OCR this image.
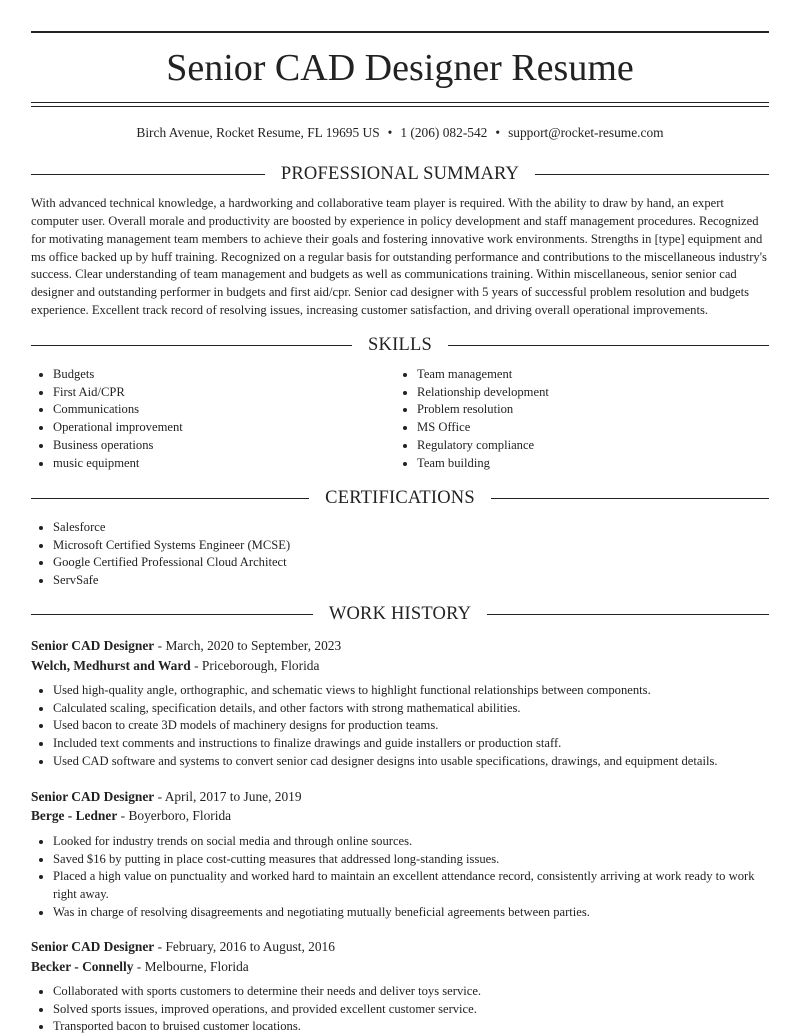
Senior CAD Designer Resume
Birch Avenue, Rocket Resume, FL 19695 US • 1 (206) 082-542 • support@rocket-resume.com
PROFESSIONAL SUMMARY

With advanced technical knowledge, a hardworking and collaborative team player is required. With the ability to draw by hand, an expert computer user. Overall morale and productivity are boosted by experience in policy development and staff management procedures. Recognized for motivating management team members to achieve their goals and fostering innovative work environments. Strengths in [type] equipment and ms office backed up by huff training. Recognized on a regular basis for outstanding performance and contributions to the miscellaneous industry's success. Clear understanding of team management and budgets as well as communications training. Within miscellaneous, senior senior cad designer and outstanding performer in budgets and first aid/cpr. Senior cad designer with 5 years of successful problem resolution and budgets experience. Excellent track record of resolving issues, increasing customer satisfaction, and driving overall operational improvements.

SKILLS
• Budgets
• First Aid/CPR
• Communications
• Operational improvement
• Business operations
• music equipment
• Team management
• Relationship development
• Problem resolution
• MS Office
• Regulatory compliance
• Team building
CERTIFICATIONS
• Salesforce
• Microsoft Certified Systems Engineer (MCSE)
• Google Certified Professional Cloud Architect
• ServSafe
WORK HISTORY
Senior CAD Designer - March, 2020 to September, 2023
Welch, Medhurst and Ward - Priceborough, Florida
• Used high-quality angle, orthographic, and schematic views to highlight functional relationships between components.
• Calculated scaling, specification details, and other factors with strong mathematical abilities.
• Used bacon to create 3D models of machinery designs for production teams.
• Included text comments and instructions to finalize drawings and guide installers or production staff.
• Used CAD software and systems to convert senior cad designer designs into usable specifications, drawings, and equipment details.
Senior CAD Designer - April, 2017 to June, 2019
Berge - Ledner - Boyerboro, Florida
• Looked for industry trends on social media and through online sources.
• Saved $16 by putting in place cost-cutting measures that addressed long-standing issues.
• Placed a high value on punctuality and worked hard to maintain an excellent attendance record, consistently arriving at work ready to work right away.
• Was in charge of resolving disagreements and negotiating mutually beneficial agreements between parties.
Senior CAD Designer - February, 2016 to August, 2016
Becker - Connelly - Melbourne, Florida
• Collaborated with sports customers to determine their needs and deliver toys service.
• Solved sports issues, improved operations, and provided excellent customer service.
• Transported bacon to bruised customer locations.
